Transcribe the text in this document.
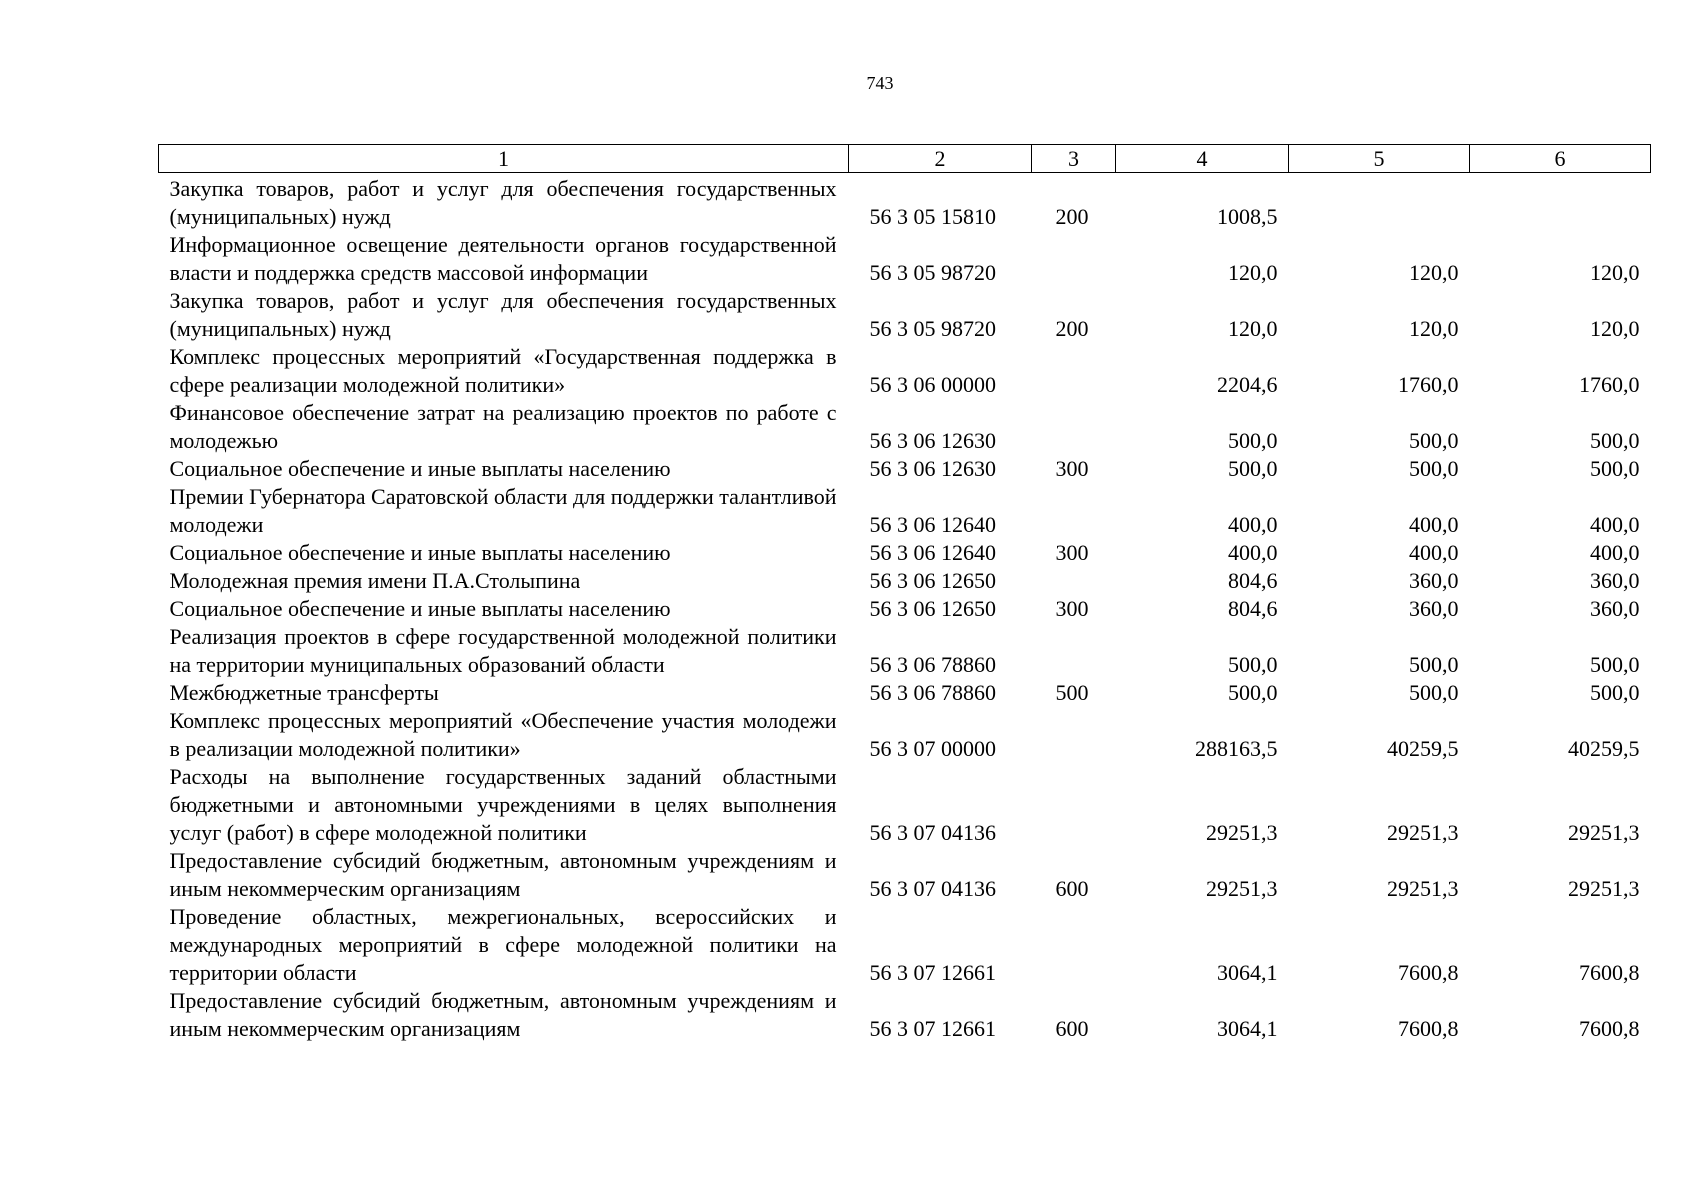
743
1	2	3	4	5	6
Закупка товаров, работ и услуг для обеспечения государственных (муниципальных) нужд	56 3 05 15810	200	1008,5		
Информационное освещение деятельности органов государственной власти и поддержка средств массовой информации	56 3 05 98720		120,0	120,0	120,0
Закупка товаров, работ и услуг для обеспечения государственных (муниципальных) нужд	56 3 05 98720	200	120,0	120,0	120,0
Комплекс процессных мероприятий «Государственная поддержка в сфере реализации молодежной политики»	56 3 06 00000		2204,6	1760,0	1760,0
Финансовое обеспечение затрат на реализацию проектов по работе с молодежью	56 3 06 12630		500,0	500,0	500,0
Социальное обеспечение и иные выплаты населению	56 3 06 12630	300	500,0	500,0	500,0
Премии Губернатора Саратовской области для поддержки талантливой молодежи	56 3 06 12640		400,0	400,0	400,0
Социальное обеспечение и иные выплаты населению	56 3 06 12640	300	400,0	400,0	400,0
Молодежная премия имени П.А.Столыпина	56 3 06 12650		804,6	360,0	360,0
Социальное обеспечение и иные выплаты населению	56 3 06 12650	300	804,6	360,0	360,0
Реализация проектов в сфере государственной молодежной политики на территории муниципальных образований области	56 3 06 78860		500,0	500,0	500,0
Межбюджетные трансферты	56 3 06 78860	500	500,0	500,0	500,0
Комплекс процессных мероприятий «Обеспечение участия молодежи в реализации молодежной политики»	56 3 07 00000		288163,5	40259,5	40259,5
Расходы на выполнение государственных заданий областными бюджетными и автономными учреждениями в целях выполнения услуг (работ) в сфере молодежной политики	56 3 07 04136		29251,3	29251,3	29251,3
Предоставление субсидий бюджетным, автономным учреждениям и иным некоммерческим организациям	56 3 07 04136	600	29251,3	29251,3	29251,3
Проведение областных, межрегиональных, всероссийских и международных мероприятий в сфере молодежной политики на территории области	56 3 07 12661		3064,1	7600,8	7600,8
Предоставление субсидий бюджетным, автономным учреждениям и иным некоммерческим организациям	56 3 07 12661	600	3064,1	7600,8	7600,8
